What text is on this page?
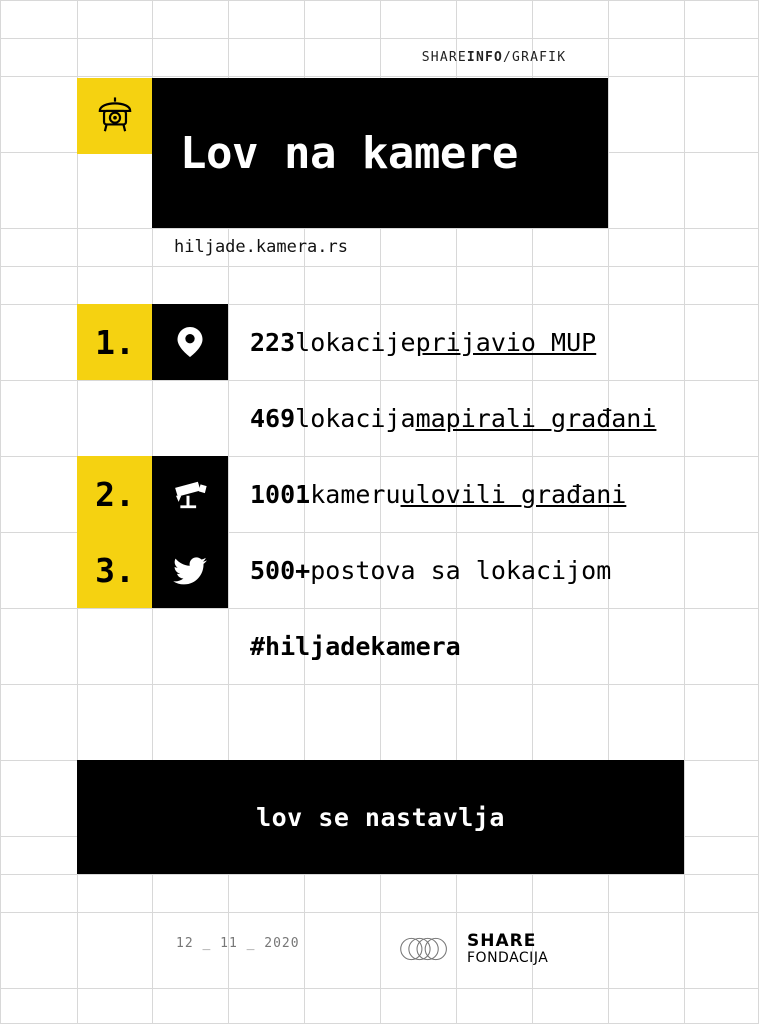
SHARE INFO /GRAFIK
Lov na kamere
hiljade.kamera.rs
1.	223 lokacije prijavio MUP
469 lokacija mapirali građani
2.	1001 kameru ulovili građani
3.	500+ postova sa lokacijom
#hiljadekamera
lov se nastavlja
12 _ 11 _ 2020	SHARE
FONDACIJA
